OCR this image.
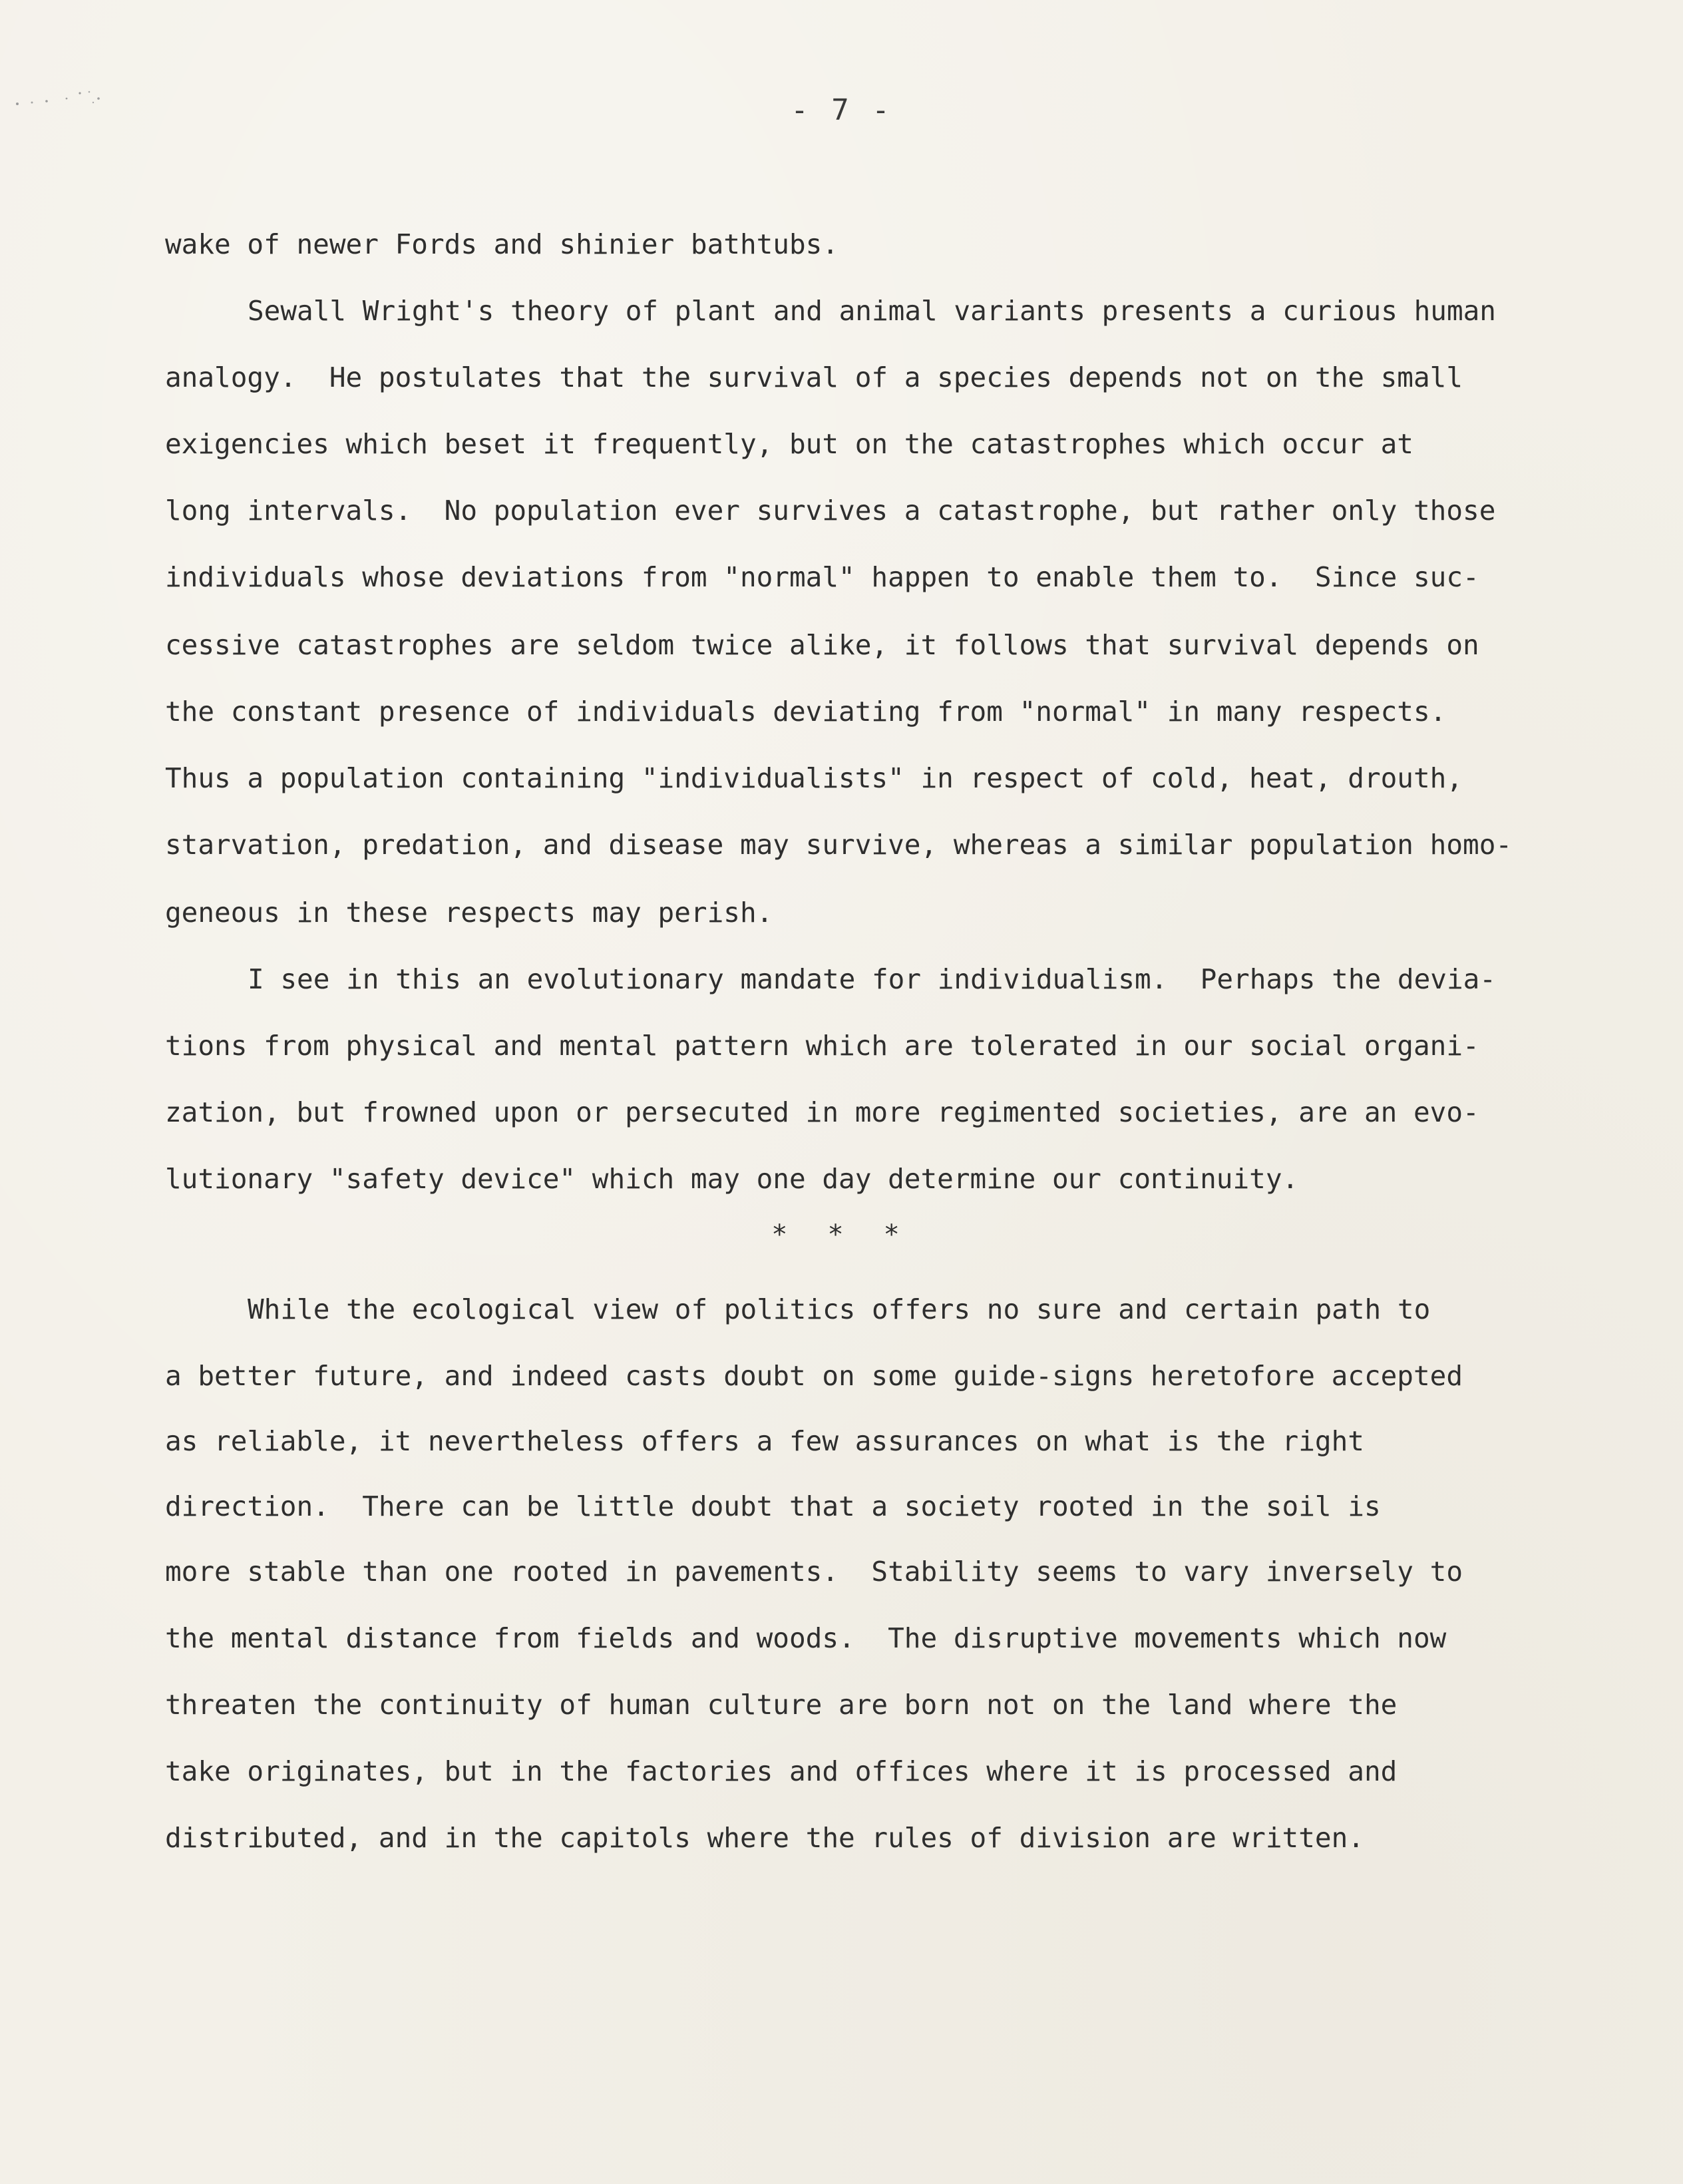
- 7 -
wake of newer Fords and shinier bathtubs.
Sewall Wright's theory of plant and animal variants presents a curious human
analogy.  He postulates that the survival of a species depends not on the small
exigencies which beset it frequently, but on the catastrophes which occur at
long intervals.  No population ever survives a catastrophe, but rather only those
individuals whose deviations from "normal" happen to enable them to.  Since suc-
cessive catastrophes are seldom twice alike, it follows that survival depends on
the constant presence of individuals deviating from "normal" in many respects.
Thus a population containing "individualists" in respect of cold, heat, drouth,
starvation, predation, and disease may survive, whereas a similar population homo-
geneous in these respects may perish.
I see in this an evolutionary mandate for individualism.  Perhaps the devia-
tions from physical and mental pattern which are tolerated in our social organi-
zation, but frowned upon or persecuted in more regimented societies, are an evo-
lutionary "safety device" which may one day determine our continuity.
* * *
While the ecological view of politics offers no sure and certain path to
a better future, and indeed casts doubt on some guide-signs heretofore accepted
as reliable, it nevertheless offers a few assurances on what is the right
direction.  There can be little doubt that a society rooted in the soil is
more stable than one rooted in pavements.  Stability seems to vary inversely to
the mental distance from fields and woods.  The disruptive movements which now
threaten the continuity of human culture are born not on the land where the
take originates, but in the factories and offices where it is processed and
distributed, and in the capitols where the rules of division are written.
